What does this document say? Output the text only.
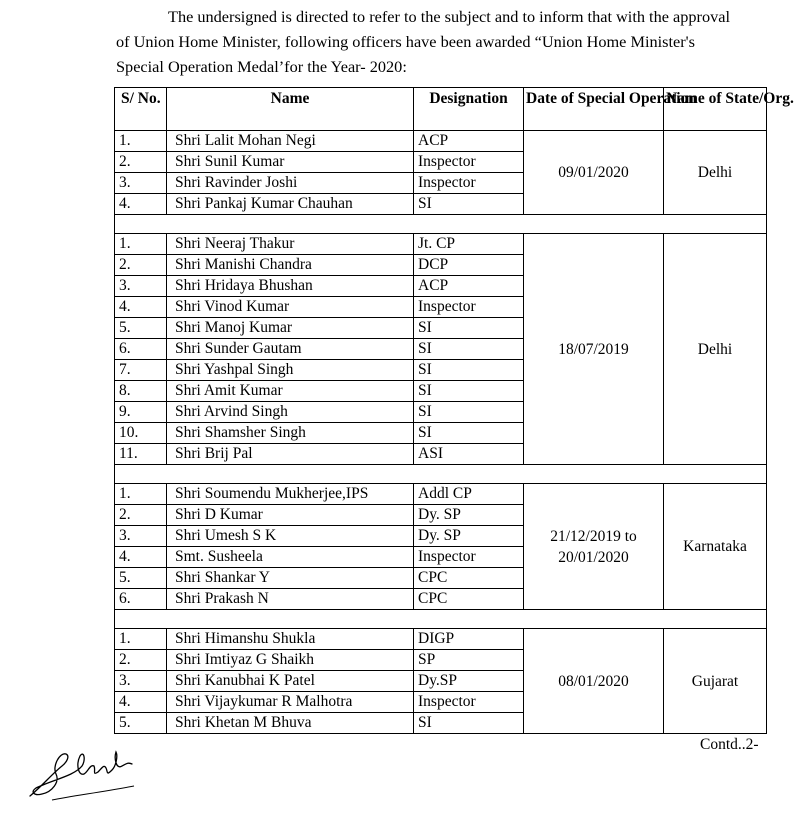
The undersigned is directed to refer to the subject and to inform that with the approval
of Union Home Minister, following officers have been awarded “Union Home Minister's
Special Operation Medal’for the Year- 2020:
S/ No.	Name	Designation	Date of Special Operation	Name of State/Org.
1.	Shri Lalit Mohan Negi	ACP	09/01/2020	Delhi
2.	Shri Sunil Kumar	Inspector		
3.	Shri Ravinder Joshi	Inspector		
4.	Shri Pankaj Kumar Chauhan	SI		

1.	Shri Neeraj Thakur	Jt. CP	18/07/2019	Delhi
2.	Shri Manishi Chandra	DCP		
3.	Shri Hridaya Bhushan	ACP		
4.	Shri Vinod Kumar	Inspector		
5.	Shri Manoj Kumar	SI		
6.	Shri Sunder Gautam	SI		
7.	Shri Yashpal Singh	SI		
8.	Shri Amit Kumar	SI		
9.	Shri Arvind Singh	SI		
10.	Shri Shamsher Singh	SI		
11.	Shri Brij Pal	ASI		

1.	Shri Soumendu Mukherjee,IPS	Addl CP	21/12/2019 to 20/01/2020	Karnataka
2.	Shri D Kumar	Dy. SP		
3.	Shri Umesh S K	Dy. SP		
4.	Smt. Susheela	Inspector		
5.	Shri Shankar Y	CPC		
6.	Shri Prakash N	CPC		

1.	Shri Himanshu Shukla	DIGP	08/01/2020	Gujarat
2.	Shri Imtiyaz G Shaikh	SP		
3.	Shri Kanubhai K Patel	Dy.SP		
4.	Shri Vijaykumar R Malhotra	Inspector		
5.	Shri Khetan M Bhuva	SI		
Contd..2-
